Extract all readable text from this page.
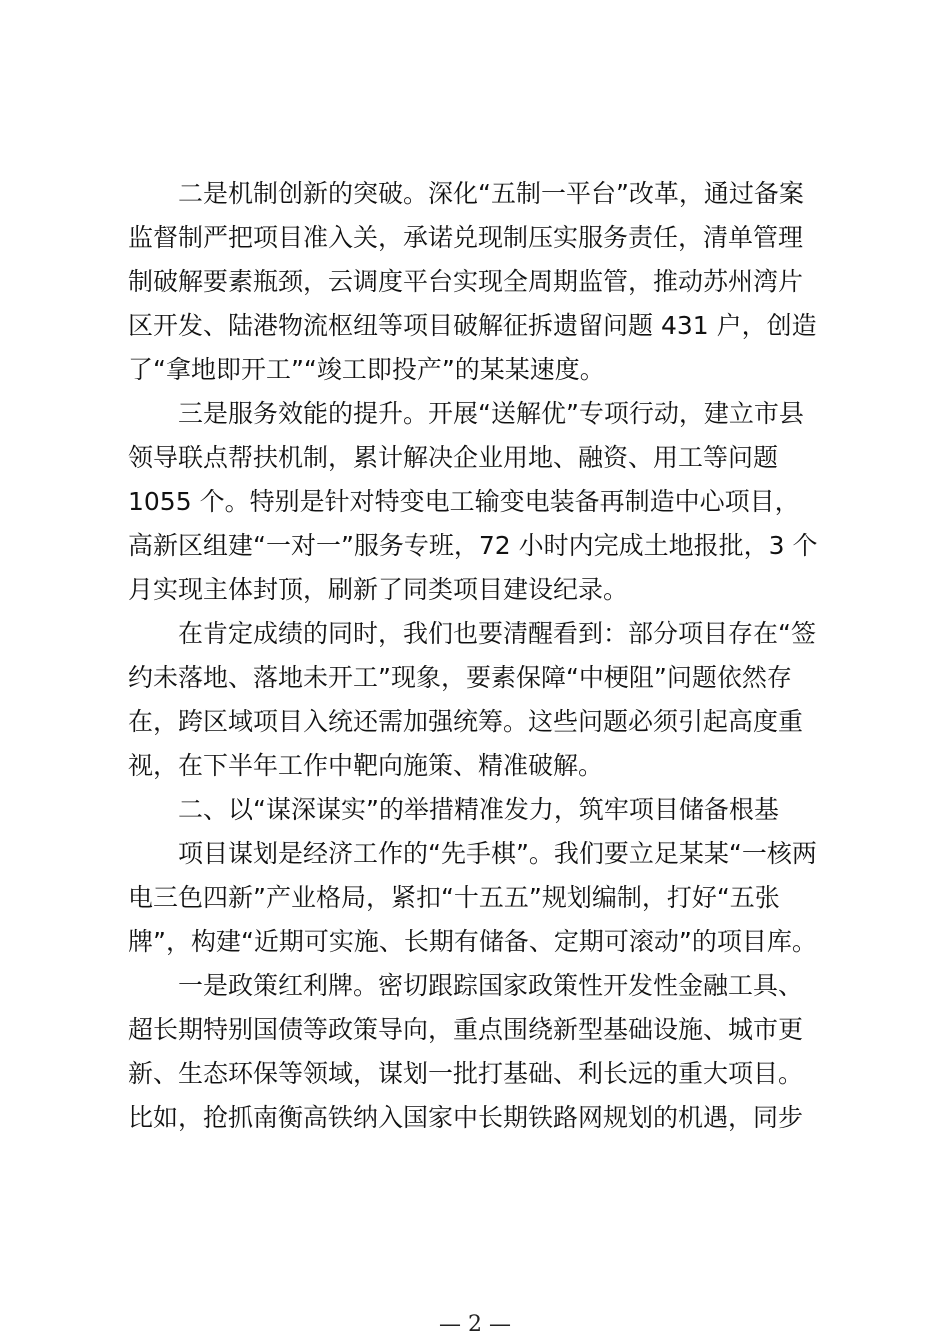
二是机制创新的突破。深化“五制一平台”改革，通过备案
监督制严把项目准入关，承诺兑现制压实服务责任，清单管理
制破解要素瓶颈，云调度平台实现全周期监管，推动苏州湾片
区开发、陆港物流枢纽等项目破解征拆遗留问题 431 户，创造
了“拿地即开工”“竣工即投产”的某某速度。
三是服务效能的提升。开展“送解优”专项行动，建立市县
领导联点帮扶机制，累计解决企业用地、融资、用工等问题
1055 个。特别是针对特变电工输变电装备再制造中心项目，
高新区组建“一对一”服务专班，72 小时内完成土地报批，3 个
月实现主体封顶，刷新了同类项目建设纪录。
在肯定成绩的同时，我们也要清醒看到：部分项目存在“签
约未落地、落地未开工”现象，要素保障“中梗阻”问题依然存
在，跨区域项目入统还需加强统筹。这些问题必须引起高度重
视，在下半年工作中靶向施策、精准破解。
二、以“谋深谋实”的举措精准发力，筑牢项目储备根基
项目谋划是经济工作的“先手棋”。我们要立足某某“一核两
电三色四新”产业格局，紧扣“十五五”规划编制，打好“五张
牌”，构建“近期可实施、长期有储备、定期可滚动”的项目库。
一是政策红利牌。密切跟踪国家政策性开发性金融工具、
超长期特别国债等政策导向，重点围绕新型基础设施、城市更
新、生态环保等领域，谋划一批打基础、利长远的重大项目。
比如，抢抓南衡高铁纳入国家中长期铁路网规划的机遇，同步
— 2 —
